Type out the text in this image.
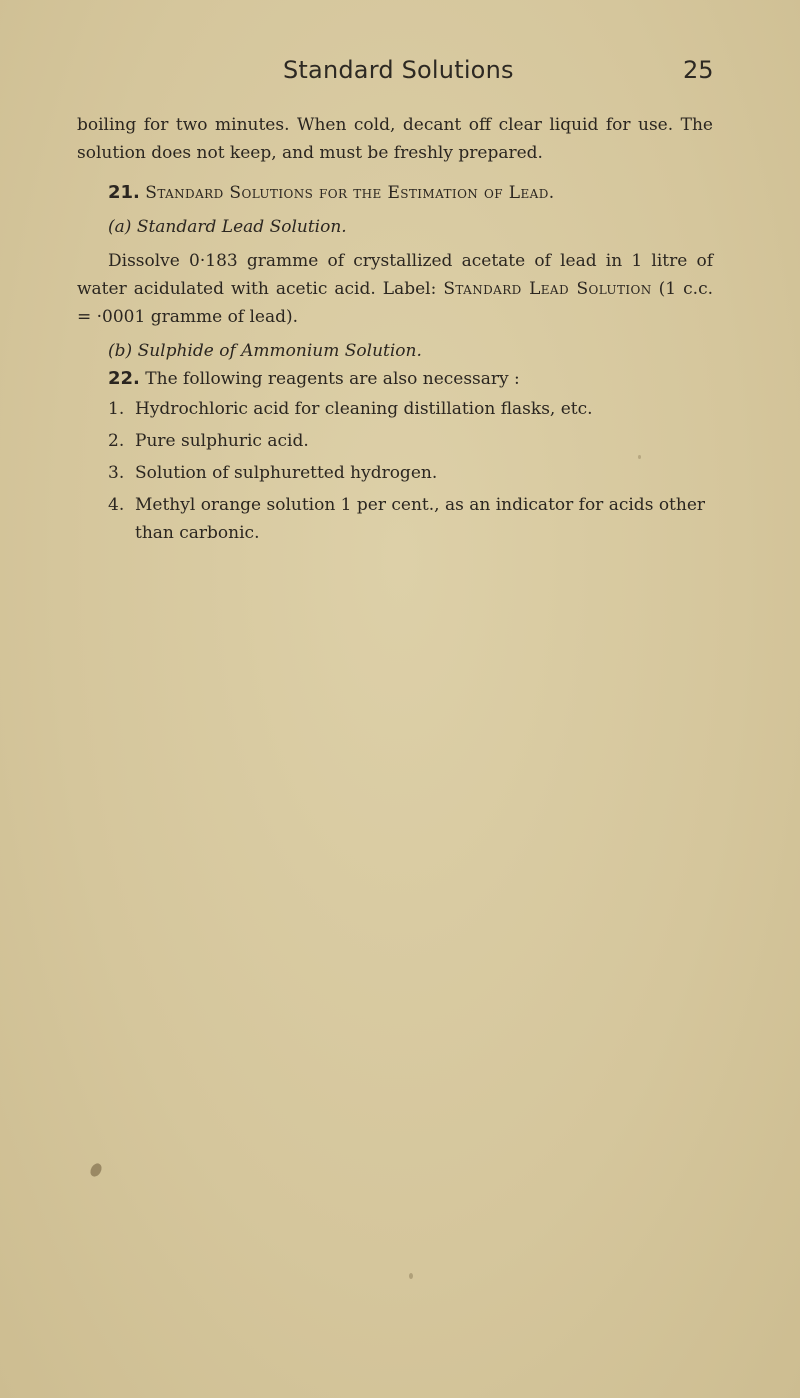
Standard Solutions	25

boiling for two minutes. When cold, decant off clear liquid for use. The solution does not keep, and must be freshly prepared.

21. Standard Solutions for the Estimation of Lead.

(a) Standard Lead Solution.

Dissolve 0·183 gramme of crystallized acetate of lead in 1 litre of water acidulated with acetic acid. Label: Standard Lead Solution (1 c.c. = ·0001 gramme of lead).

(b) Sulphide of Ammonium Solution.

22. The following reagents are also necessary :

1. Hydrochloric acid for cleaning distillation flasks, etc.
2. Pure sulphuric acid.
3. Solution of sulphuretted hydrogen.
4. Methyl orange solution 1 per cent., as an indicator for acids other than carbonic.
